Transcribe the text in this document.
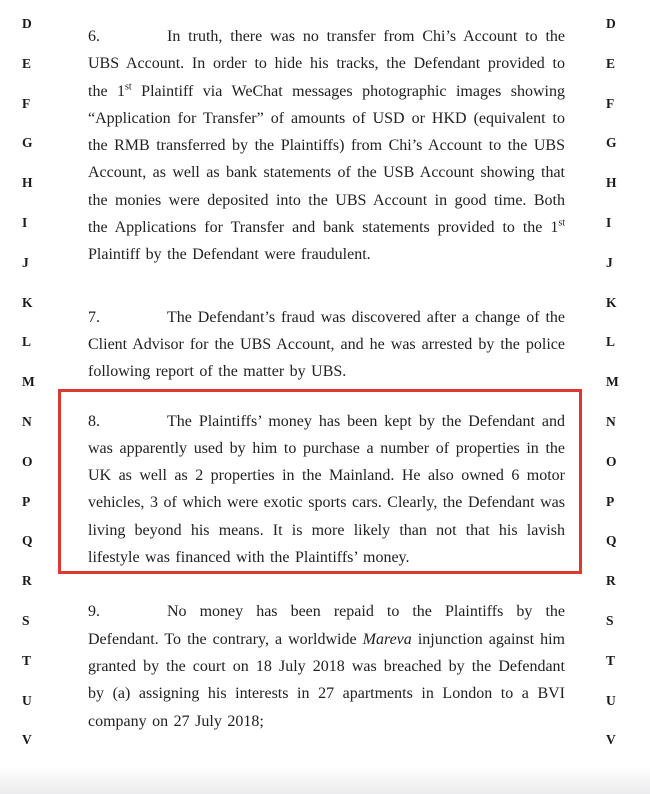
D
E
F
G
H
I
J
K
L
M
N
O
P
Q
R
S
T
U
V
D
E
F
G
H
I
J
K
L
M
N
O
P
Q
R
S
T
U
V

6.	In truth, there was no transfer from Chi’s Account to the UBS Account. In order to hide his tracks, the Defendant provided to the 1st Plaintiff via WeChat messages photographic images showing “Application for Transfer” of amounts of USD or HKD (equivalent to the RMB transferred by the Plaintiffs) from Chi’s Account to the UBS Account, as well as bank statements of the USB Account showing that the monies were deposited into the UBS Account in good time. Both the Applications for Transfer and bank statements provided to the 1st Plaintiff by the Defendant were fraudulent.

7.	The Defendant’s fraud was discovered after a change of the Client Advisor for the UBS Account, and he was arrested by the police following report of the matter by UBS.

8.	The Plaintiffs’ money has been kept by the Defendant and was apparently used by him to purchase a number of properties in the UK as well as 2 properties in the Mainland. He also owned 6 motor vehicles, 3 of which were exotic sports cars. Clearly, the Defendant was living beyond his means. It is more likely than not that his lavish lifestyle was financed with the Plaintiffs’ money.

9.	No money has been repaid to the Plaintiffs by the Defendant. To the contrary, a worldwide Mareva injunction against him granted by the court on 18 July 2018 was breached by the Defendant by (a) assigning his interests in 27 apartments in London to a BVI company on 27 July 2018;
